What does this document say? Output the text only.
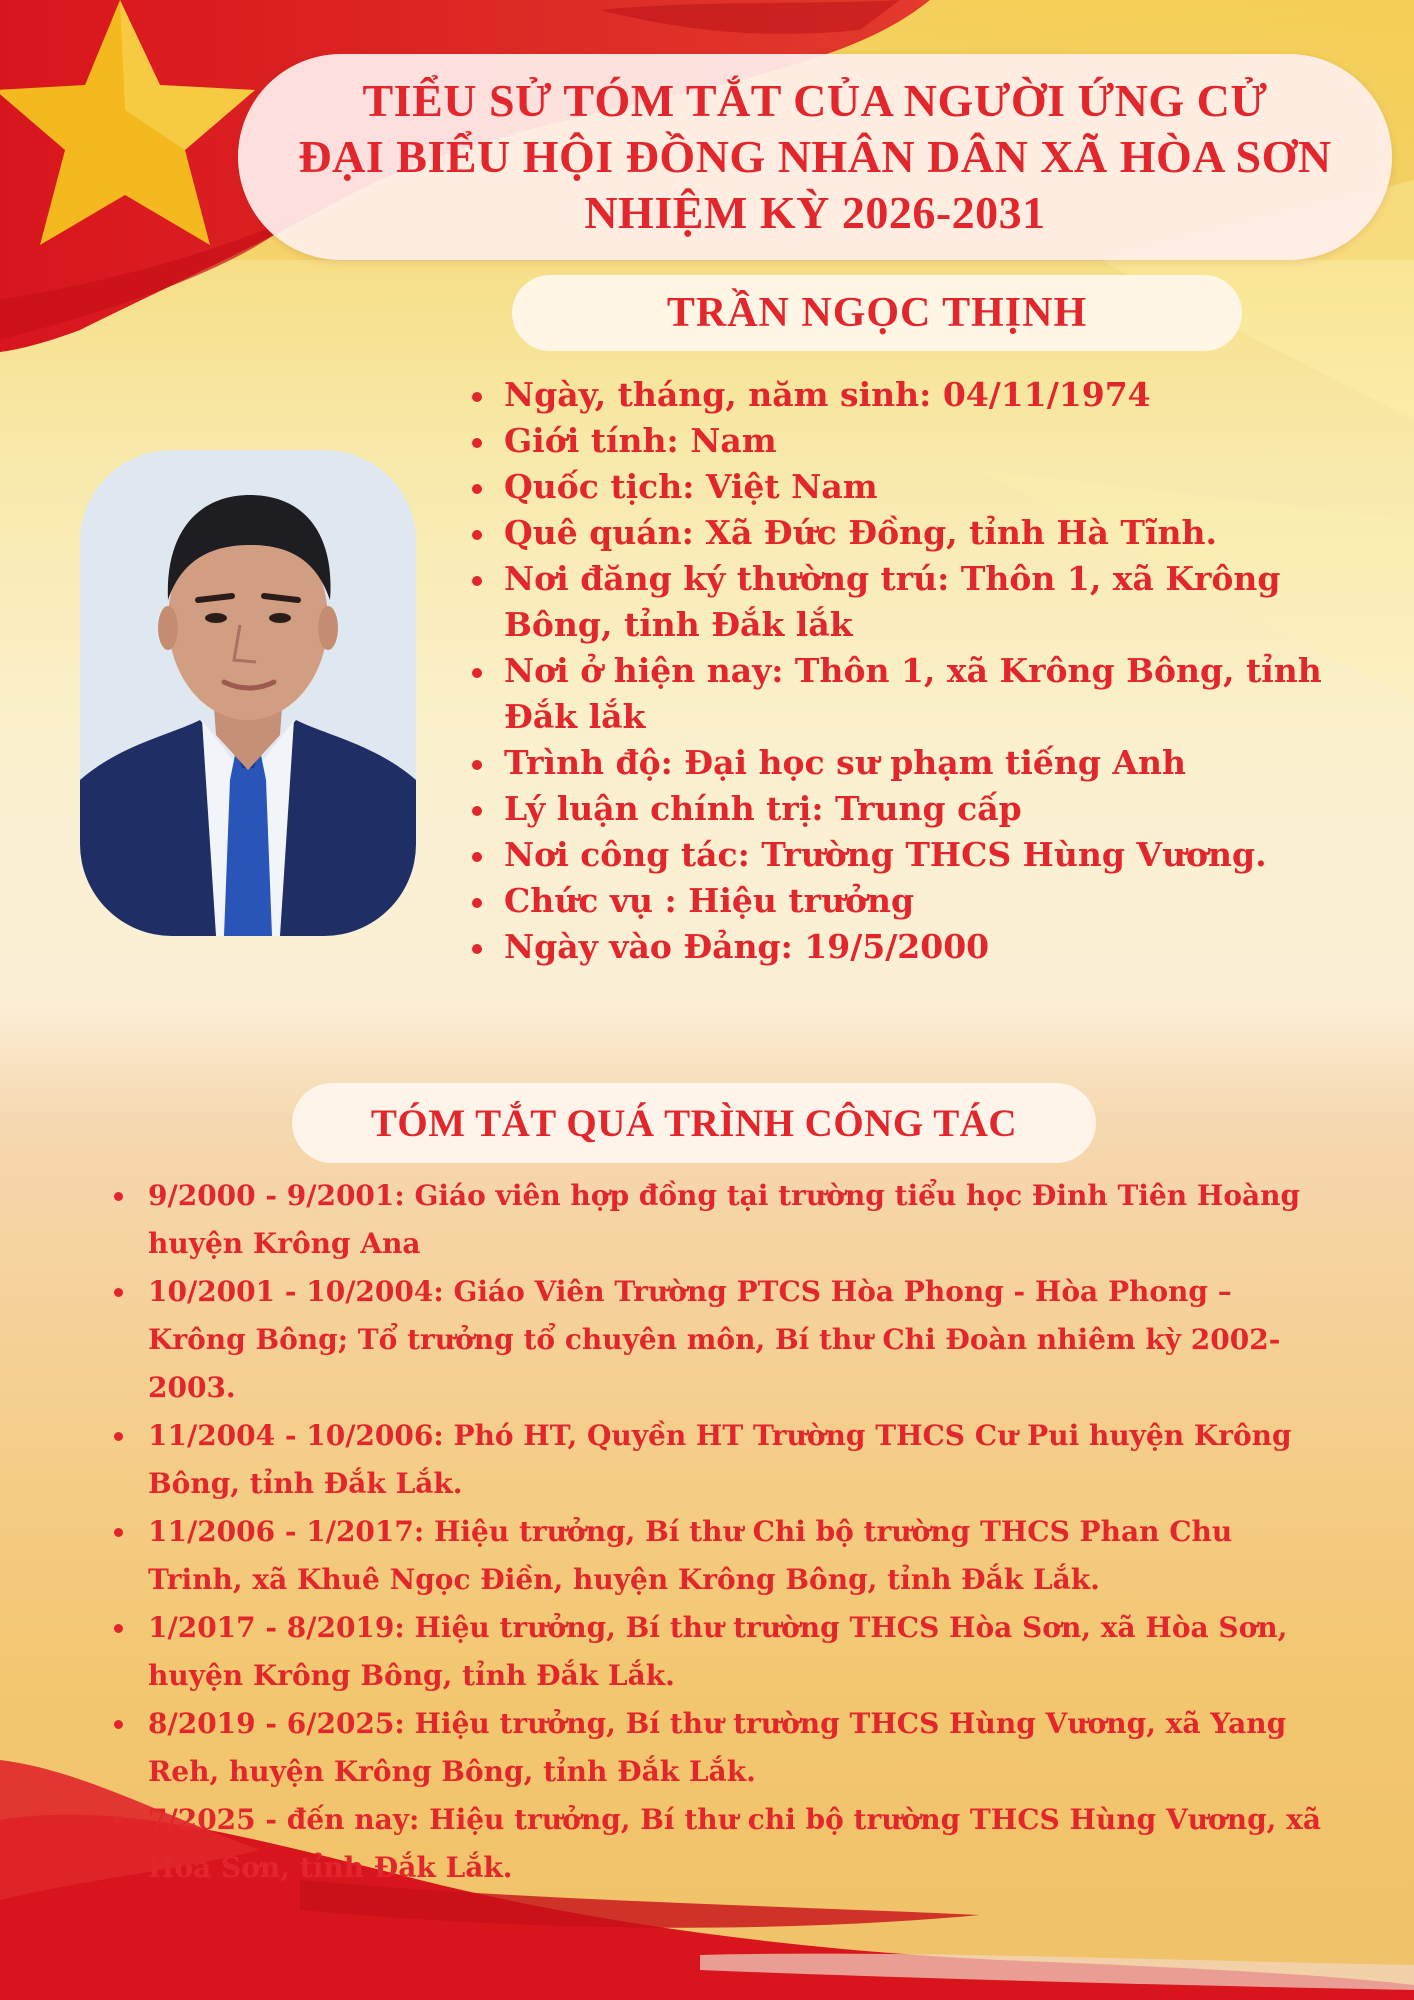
TIỂU SỬ TÓM TẮT CỦA NGƯỜI ỨNG CỬ
ĐẠI BIỂU HỘI ĐỒNG NHÂN DÂN XÃ HÒA SƠN
NHIỆM KỲ 2026-2031
TRẦN NGỌC THỊNH
Ngày, tháng, năm sinh: 04/11/1974
Giới tính: Nam
Quốc tịch: Việt Nam
Quê quán: Xã Đức Đồng, tỉnh Hà Tĩnh.
Nơi đăng ký thường trú: Thôn 1, xã Krông Bông, tỉnh Đắk lắk
Nơi ở hiện nay: Thôn 1, xã Krông Bông, tỉnh Đắk lắk
Trình độ: Đại học sư phạm tiếng Anh
Lý luận chính trị: Trung cấp
Nơi công tác: Trường THCS Hùng Vương.
Chức vụ : Hiệu trưởng
Ngày vào Đảng: 19/5/2000
TÓM TẮT QUÁ TRÌNH CÔNG TÁC
9/2000 - 9/2001: Giáo viên hợp đồng tại trường tiểu học Đinh Tiên Hoàng huyện Krông Ana
10/2001 - 10/2004: Giáo Viên Trường PTCS Hòa Phong - Hòa Phong – Krông Bông; Tổ trưởng tổ chuyên môn, Bí thư Chi Đoàn nhiêm kỳ 2002-2003.
11/2004 - 10/2006: Phó HT, Quyền HT Trường THCS Cư Pui huyện Krông Bông, tỉnh Đắk Lắk.
11/2006 - 1/2017: Hiệu trưởng, Bí thư Chi bộ trường THCS Phan Chu Trinh, xã Khuê Ngọc Điền, huyện Krông Bông, tỉnh Đắk Lắk.
1/2017 - 8/2019: Hiệu trưởng, Bí thư trường THCS Hòa Sơn, xã Hòa Sơn, huyện Krông Bông, tỉnh Đắk Lắk.
8/2019 - 6/2025: Hiệu trưởng, Bí thư trường THCS Hùng Vương, xã Yang Reh, huyện Krông Bông, tỉnh Đắk Lắk.
7/2025 - đến nay: Hiệu trưởng, Bí thư chi bộ trường THCS Hùng Vương, xã Hoà Sơn, tỉnh Đắk Lắk.
